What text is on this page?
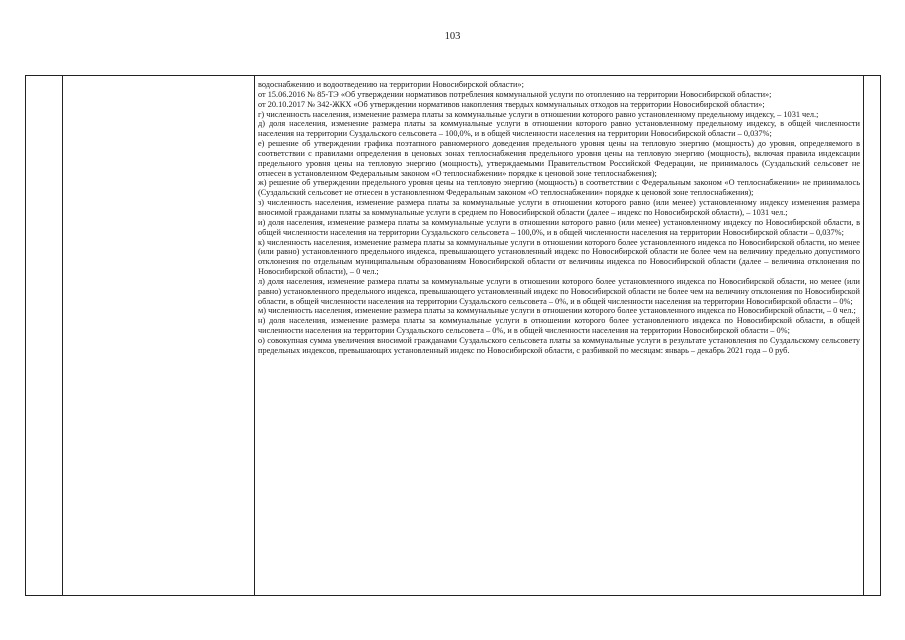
103

водоснабжению и водоотведению на территории Новосибирской области»;

от 15.06.2016 № 85-ТЭ «Об утверждении нормативов потребления коммунальной услуги по отоплению на территории Новосибирской области»;

от 20.10.2017 № 342-ЖКХ «Об утверждении нормативов накопления твердых коммунальных отходов на территории Новосибирской области»;

г) численность населения, изменение размера платы за коммунальные услуги в отношении которого равно установленному предельному индексу, – 1031 чел.;

д) доля населения, изменение размера платы за коммунальные услуги в отношении которого равно установленному предельному индексу, в общей численности населения на территории Суздальского сельсовета – 100,0%, и в общей численности населения на территории Новосибирской области – 0,037%;

е) решение об утверждении графика поэтапного равномерного доведения предельного уровня цены на тепловую энергию (мощность) до уровня, определяемого в соответствии с правилами определения в ценовых зонах теплоснабжения предельного уровня цены на тепловую энергию (мощность), включая правила индексации предельного уровня цены на тепловую энергию (мощность), утверждаемыми Правительством Российской Федерации, не принималось (Суздальский сельсовет не отнесен в установленном Федеральным законом «О теплоснабжении» порядке к ценовой зоне теплоснабжения);

ж) решение об утверждении предельного уровня цены на тепловую энергию (мощность) в соответствии с Федеральным законом «О теплоснабжении» не принималось (Суздальский сельсовет не отнесен в установленном Федеральным законом «О теплоснабжении» порядке к ценовой зоне теплоснабжения);

з) численность населения, изменение размера платы за коммунальные услуги в отношении которого равно (или менее) установленному индексу изменения размера вносимой гражданами платы за коммунальные услуги в среднем по Новосибирской области (далее – индекс по Новосибирской области), – 1031 чел.;

и) доля населения, изменение размера платы за коммунальные услуги в отношении которого равно (или менее) установленному индексу по Новосибирской области, в общей численности населения на территории Суздальского сельсовета – 100,0%, и в общей численности населения на территории Новосибирской области – 0,037%;

к) численность населения, изменение размера платы за коммунальные услуги в отношении которого более установленного индекса по Новосибирской области, но менее (или равно) установленного предельного индекса, превышающего установленный индекс по Новосибирской области не более чем на величину предельно допустимого отклонения по отдельным муниципальным образованиям Новосибирской области от величины индекса по Новосибирской области (далее – величина отклонения по Новосибирской области), – 0 чел.;

л) доля населения, изменение размера платы за коммунальные услуги в отношении которого более установленного индекса по Новосибирской области, но менее (или равно) установленного предельного индекса, превышающего установленный индекс по Новосибирской области не более чем на величину отклонения по Новосибирской области, в общей численности населения на территории Суздальского сельсовета – 0%, и в общей численности населения на территории Новосибирской области – 0%;

м) численность населения, изменение размера платы за коммунальные услуги в отношении которого более установленного индекса по Новосибирской области, – 0 чел.;

н) доля населения, изменение размера платы за коммунальные услуги в отношении которого более установленного индекса по Новосибирской области, в общей численности населения на территории Суздальского сельсовета – 0%, и в общей численности населения на территории Новосибирской области – 0%;

о) совокупная сумма увеличения вносимой гражданами Суздальского сельсовета платы за коммунальные услуги в результате установления по Суздальскому сельсовету предельных индексов, превышающих установленный индекс по Новосибирской области, с разбивкой по месяцам: январь – декабрь 2021 года – 0 руб.
